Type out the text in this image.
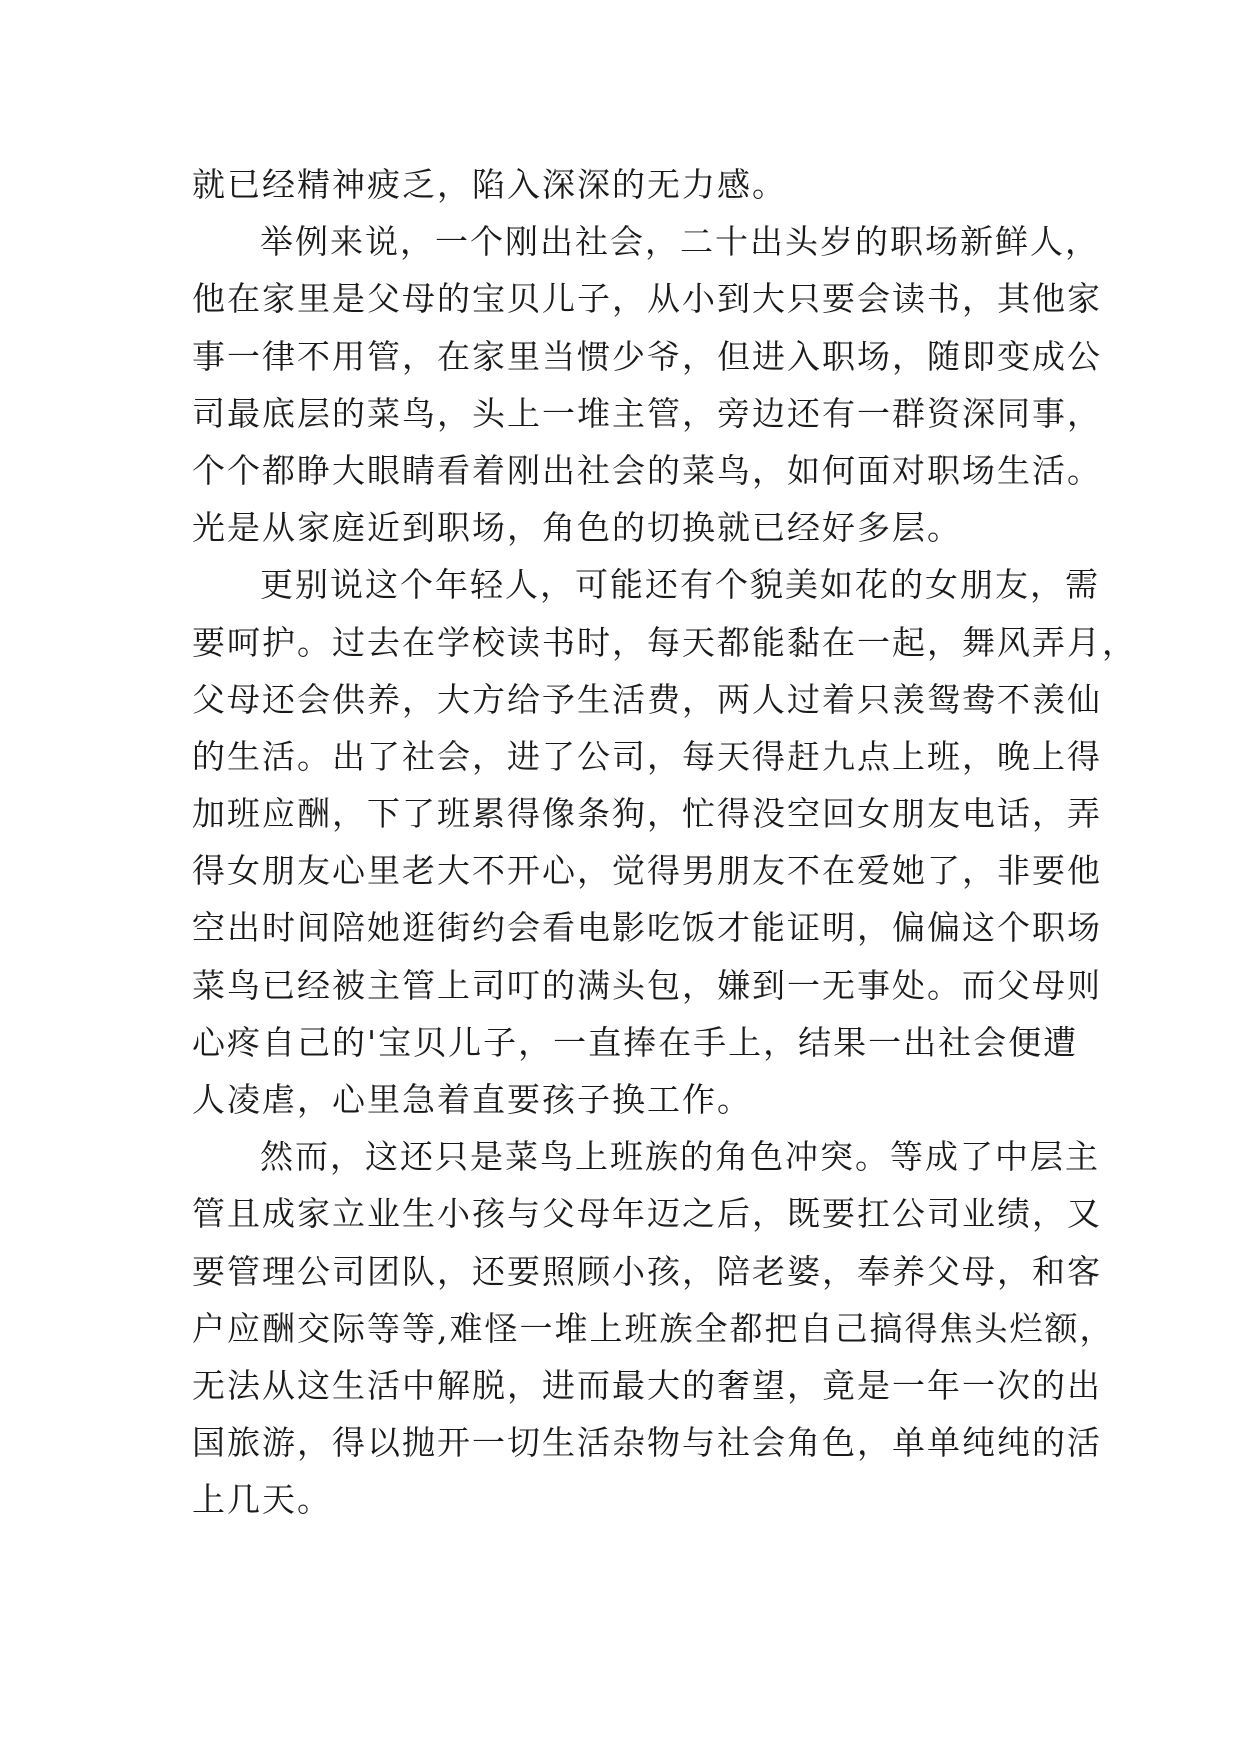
就已经精神疲乏，陷入深深的无力感。
举例来说，一个刚出社会，二十出头岁的职场新鲜人，
他在家里是父母的宝贝儿子，从小到大只要会读书，其他家
事一律不用管，在家里当惯少爷，但进入职场，随即变成公
司最底层的菜鸟，头上一堆主管，旁边还有一群资深同事，
个个都睁大眼睛看着刚出社会的菜鸟，如何面对职场生活。
光是从家庭近到职场，角色的切换就已经好多层。
更别说这个年轻人，可能还有个貌美如花的女朋友，需
要呵护。过去在学校读书时，每天都能黏在一起，舞风弄月，
父母还会供养，大方给予生活费，两人过着只羡鸳鸯不羡仙
的生活。出了社会，进了公司，每天得赶九点上班，晚上得
加班应酬，下了班累得像条狗，忙得没空回女朋友电话，弄
得女朋友心里老大不开心，觉得男朋友不在爱她了，非要他
空出时间陪她逛街约会看电影吃饭才能证明，偏偏这个职场
菜鸟已经被主管上司叮的满头包，嫌到一无事处。而父母则
心疼自己的'宝贝儿子，一直捧在手上，结果一出社会便遭
人凌虐，心里急着直要孩子换工作。
然而，这还只是菜鸟上班族的角色冲突。等成了中层主
管且成家立业生小孩与父母年迈之后，既要扛公司业绩，又
要管理公司团队，还要照顾小孩，陪老婆，奉养父母，和客
户应酬交际等等,难怪一堆上班族全都把自己搞得焦头烂额，
无法从这生活中解脱，进而最大的奢望，竟是一年一次的出
国旅游，得以抛开一切生活杂物与社会角色，单单纯纯的活
上几天。
